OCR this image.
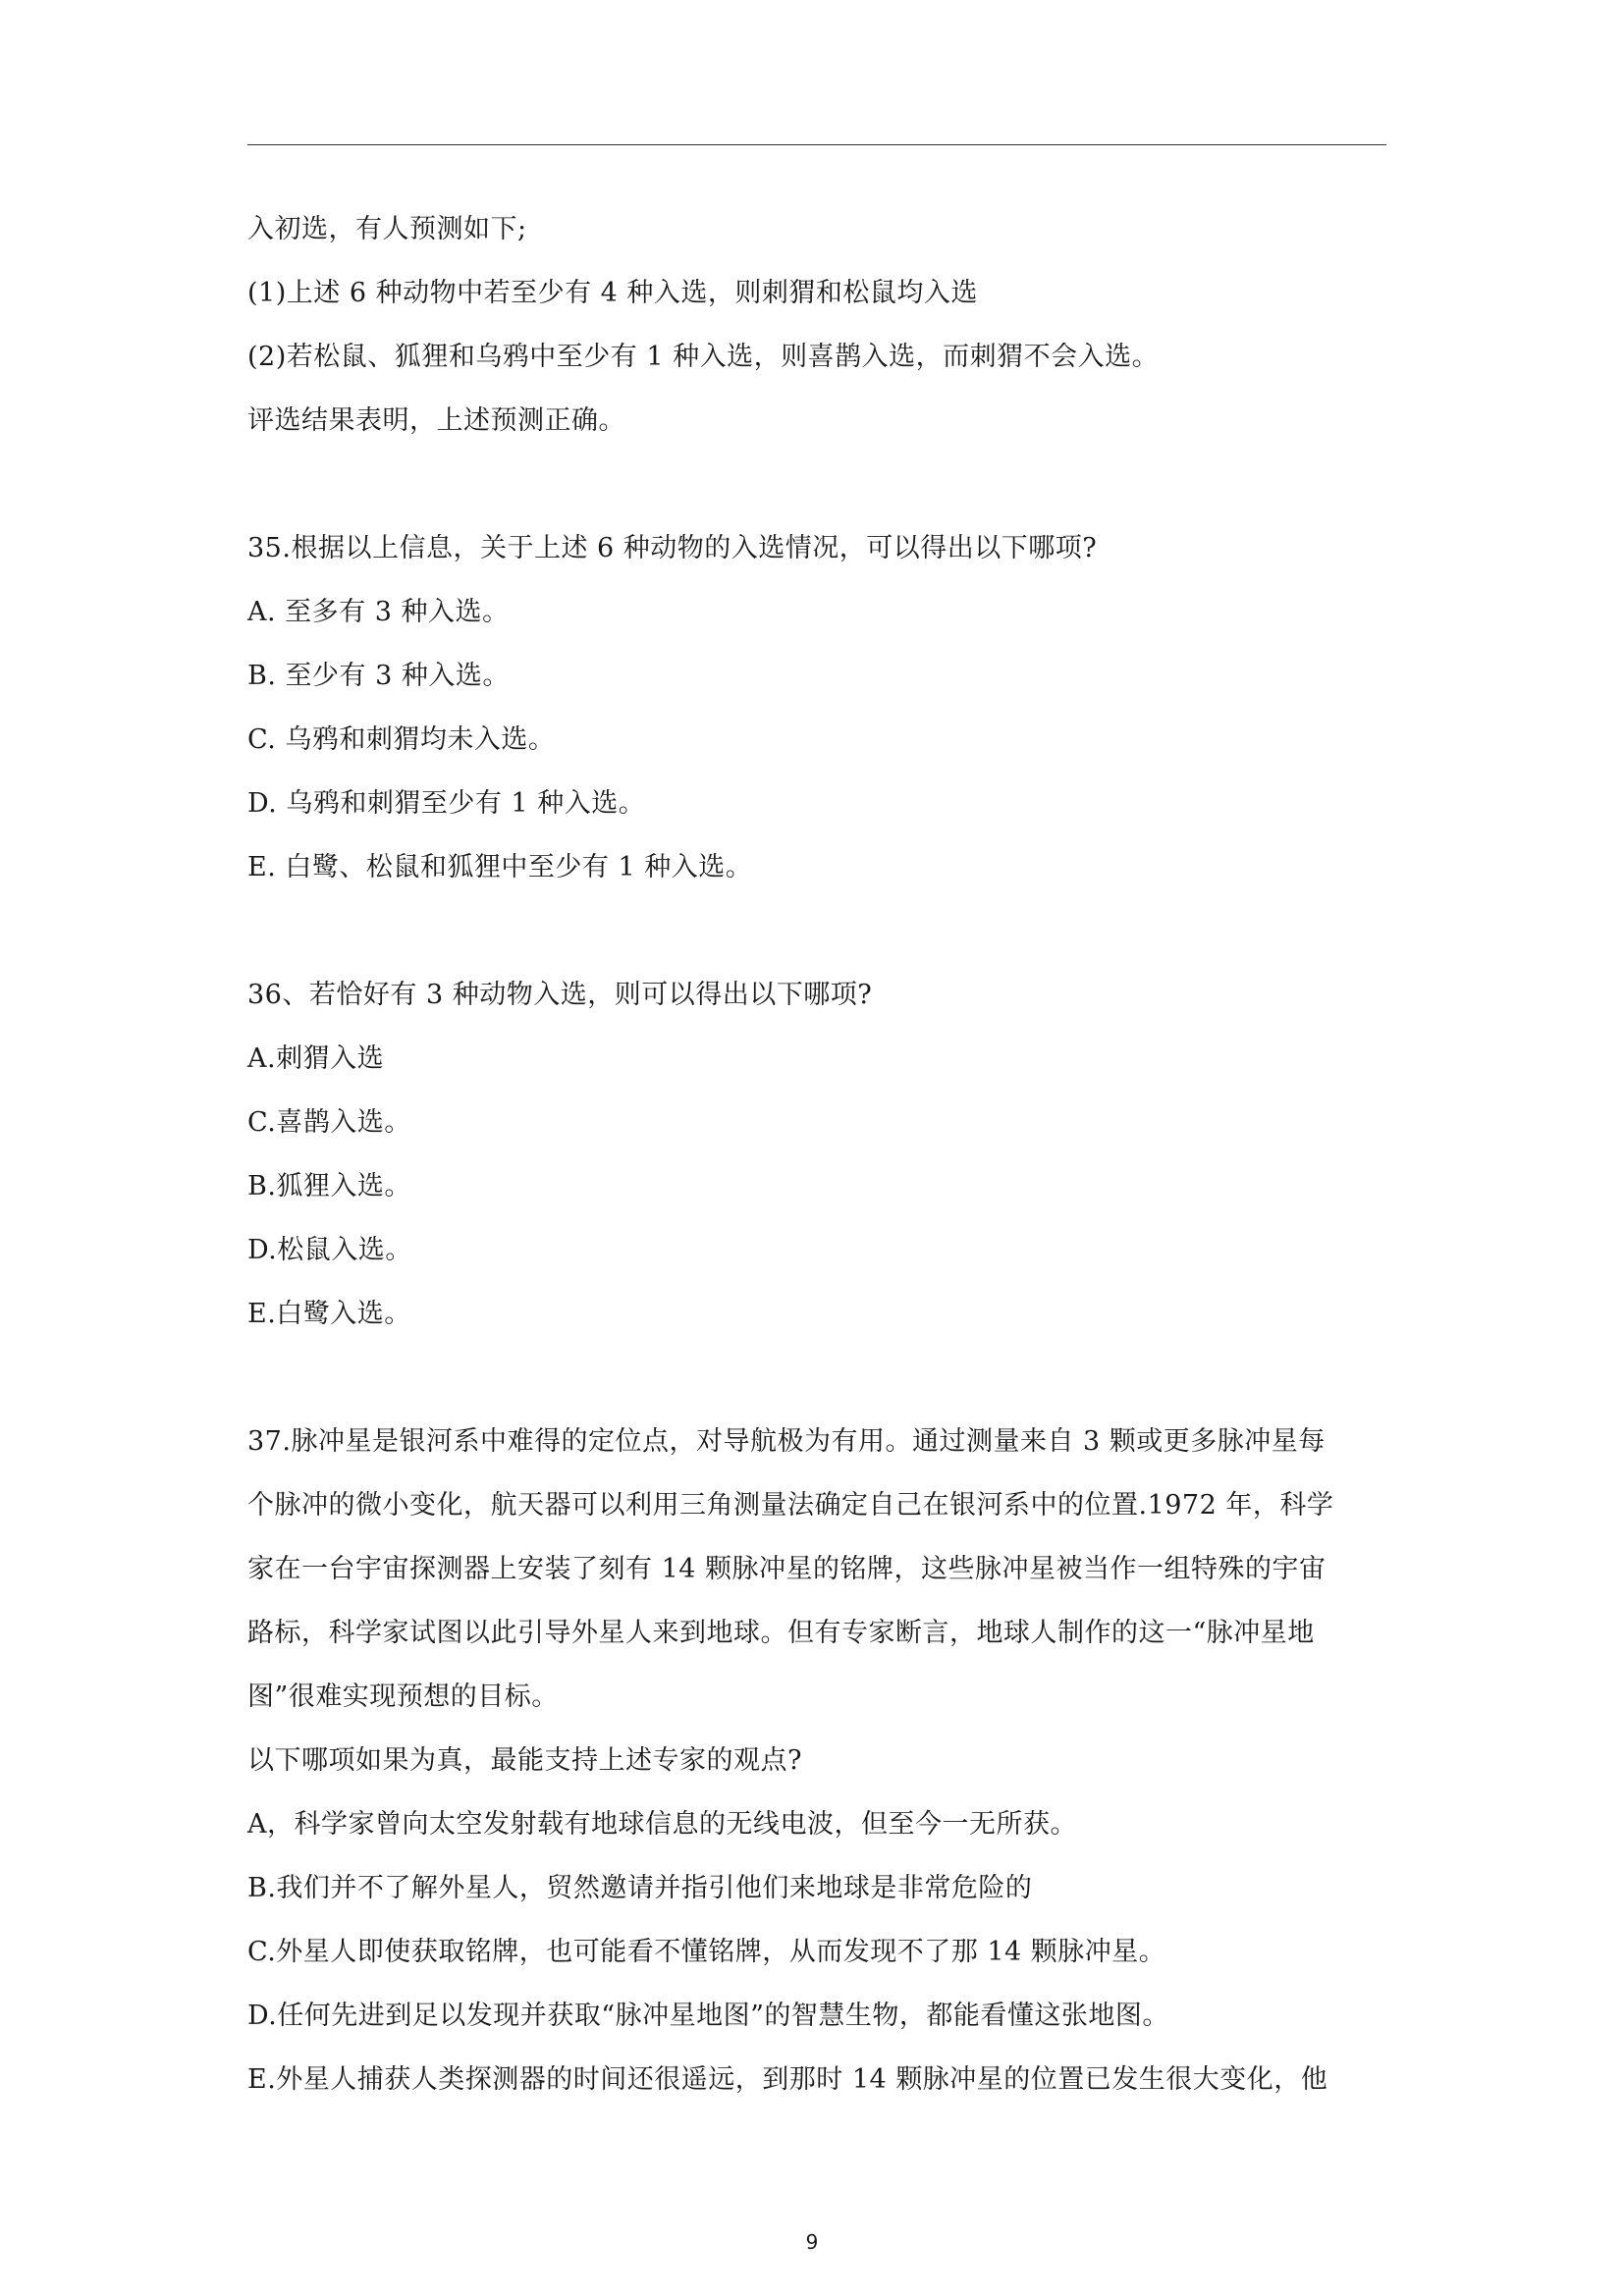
入初选，有人预测如下;
(1)上述 6 种动物中若至少有 4 种入选，则刺猬和松鼠均入选
(2)若松鼠、狐狸和乌鸦中至少有 1 种入选，则喜鹊入选，而刺猬不会入选。
评选结果表明，上述预测正确。
35.根据以上信息，关于上述 6 种动物的入选情况，可以得出以下哪项?
A. 至多有 3 种入选。
B. 至少有 3 种入选。
C. 乌鸦和刺猬均未入选。
D. 乌鸦和刺猬至少有 1 种入选。
E. 白鹭、松鼠和狐狸中至少有 1 种入选。
36、若恰好有 3 种动物入选，则可以得出以下哪项?
A.刺猬入选
C.喜鹊入选。
B.狐狸入选。
D.松鼠入选。
E.白鹭入选。
37.脉冲星是银河系中难得的定位点，对导航极为有用。通过测量来自 3 颗或更多脉冲星每
个脉冲的微小变化，航天器可以利用三角测量法确定自己在银河系中的位置.1972 年，科学
家在一台宇宙探测器上安装了刻有 14 颗脉冲星的铭牌，这些脉冲星被当作一组特殊的宇宙
路标，科学家试图以此引导外星人来到地球。但有专家断言，地球人制作的这一“脉冲星地
图”很难实现预想的目标。
以下哪项如果为真，最能支持上述专家的观点?
A，科学家曾向太空发射载有地球信息的无线电波，但至今一无所获。
B.我们并不了解外星人，贸然邀请并指引他们来地球是非常危险的
C.外星人即使获取铭牌，也可能看不懂铭牌，从而发现不了那 14 颗脉冲星。
D.任何先进到足以发现并获取“脉冲星地图”的智慧生物，都能看懂这张地图。
E.外星人捕获人类探测器的时间还很遥远，到那时 14 颗脉冲星的位置已发生很大变化，他
9
